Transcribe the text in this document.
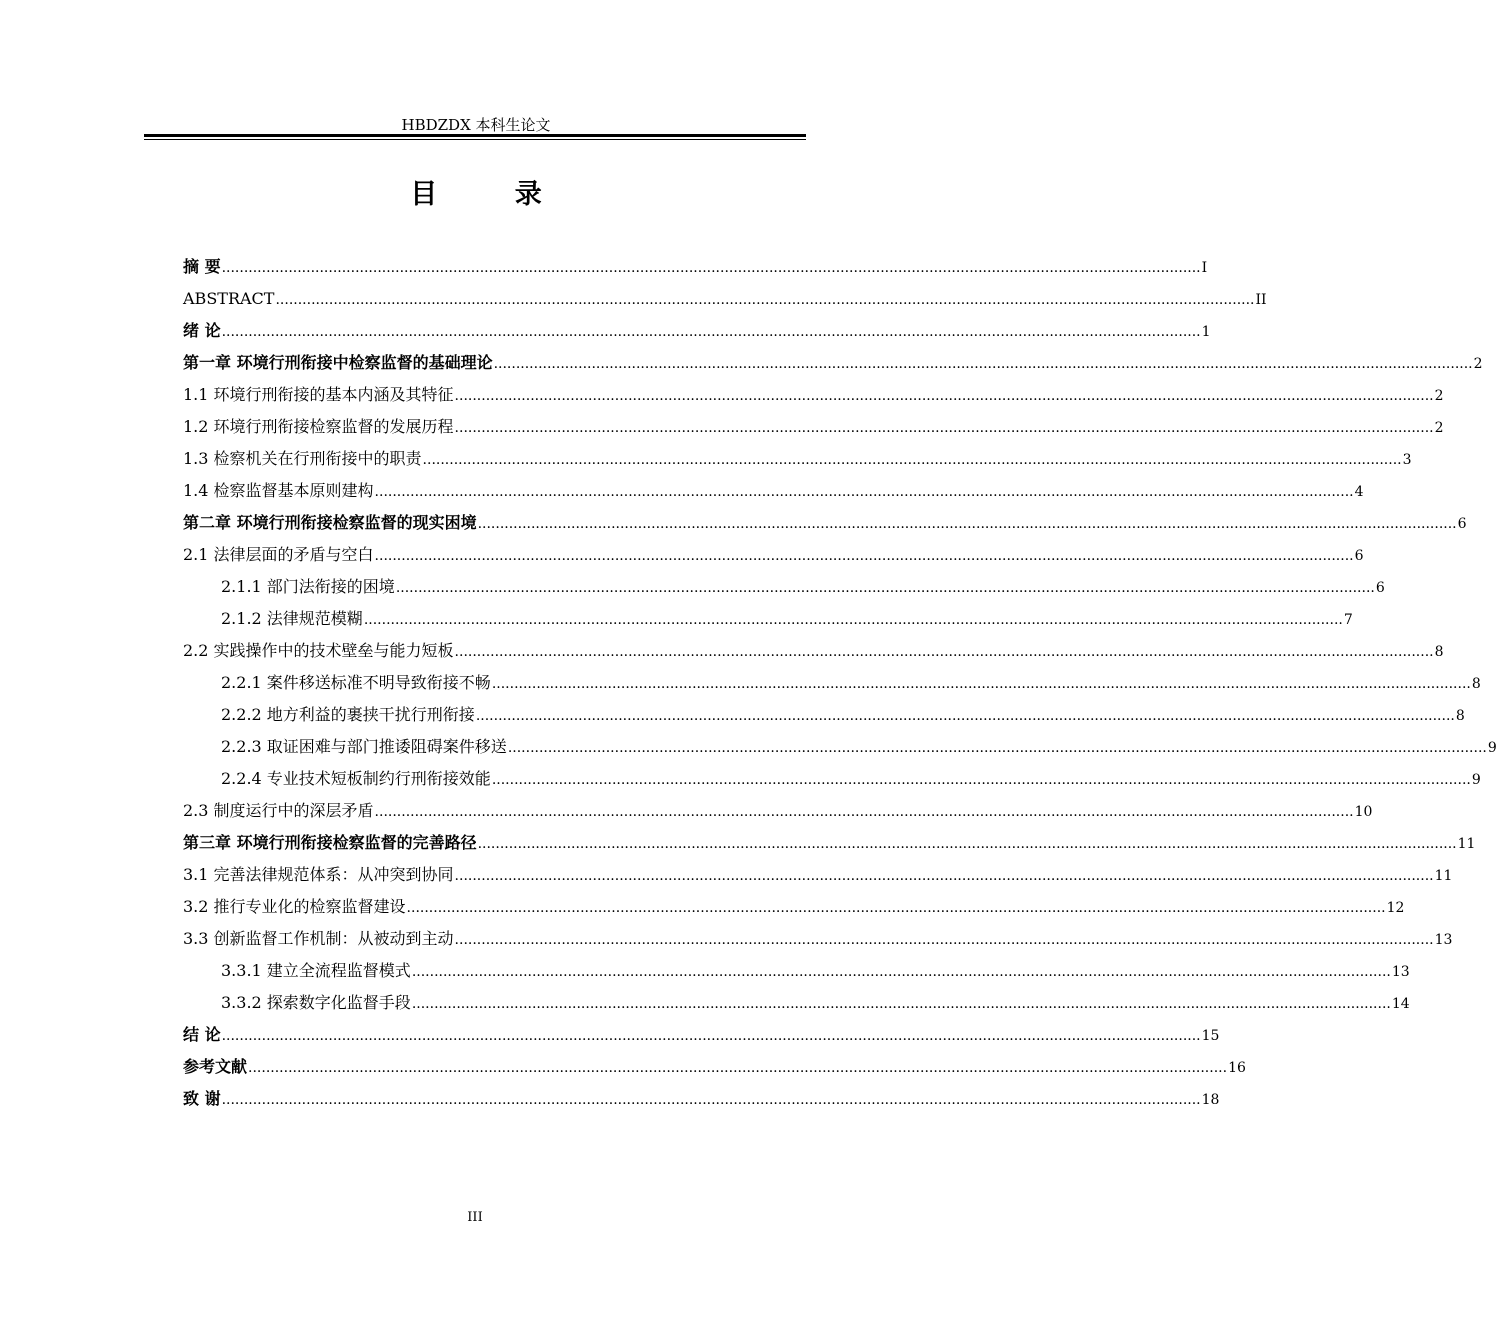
HBDZDX 本科生论文
目 录
摘 要 ............................................................................................................................................................................................................................ I
ABSTRACT ............................................................................................................................................................................................................................ II
绪 论 ............................................................................................................................................................................................................................ 1
第一章 环境行刑衔接中检察监督的基础理论 ............................................................................................................................................................................................................................ 2
1.1 环境行刑衔接的基本内涵及其特征 ............................................................................................................................................................................................................................ 2
1.2 环境行刑衔接检察监督的发展历程 ............................................................................................................................................................................................................................ 2
1.3 检察机关在行刑衔接中的职责 ............................................................................................................................................................................................................................ 3
1.4 检察监督基本原则建构 ............................................................................................................................................................................................................................ 4
第二章 环境行刑衔接检察监督的现实困境 ............................................................................................................................................................................................................................ 6
2.1 法律层面的矛盾与空白 ............................................................................................................................................................................................................................ 6
2.1.1 部门法衔接的困境 ............................................................................................................................................................................................................................ 6
2.1.2 法律规范模糊 ............................................................................................................................................................................................................................ 7
2.2 实践操作中的技术壁垒与能力短板 ............................................................................................................................................................................................................................ 8
2.2.1 案件移送标准不明导致衔接不畅 ............................................................................................................................................................................................................................ 8
2.2.2 地方利益的裹挟干扰行刑衔接 ............................................................................................................................................................................................................................ 8
2.2.3 取证困难与部门推诿阻碍案件移送 ............................................................................................................................................................................................................................ 9
2.2.4 专业技术短板制约行刑衔接效能 ............................................................................................................................................................................................................................ 9
2.3 制度运行中的深层矛盾 ............................................................................................................................................................................................................................ 10
第三章 环境行刑衔接检察监督的完善路径 ............................................................................................................................................................................................................................ 11
3.1 完善法律规范体系：从冲突到协同 ............................................................................................................................................................................................................................ 11
3.2 推行专业化的检察监督建设 ............................................................................................................................................................................................................................ 12
3.3 创新监督工作机制：从被动到主动 ............................................................................................................................................................................................................................ 13
3.3.1 建立全流程监督模式 ............................................................................................................................................................................................................................ 13
3.3.2 探索数字化监督手段 ............................................................................................................................................................................................................................ 14
结 论 ............................................................................................................................................................................................................................ 15
参考文献 ............................................................................................................................................................................................................................ 16
致 谢 ............................................................................................................................................................................................................................ 18
III
